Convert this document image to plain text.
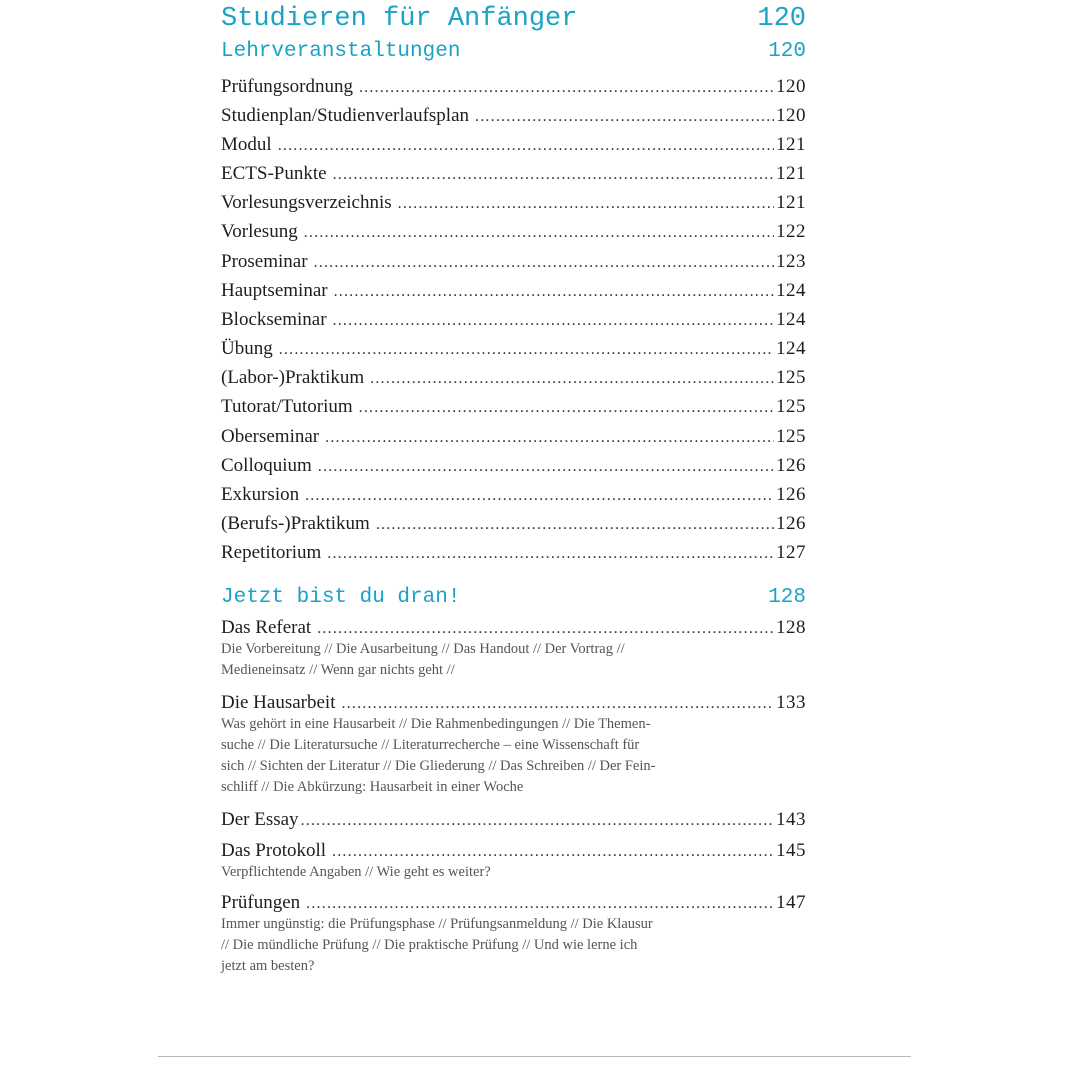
Studieren für Anfänger	120
Lehrveranstaltungen	120
Prüfungsordnung .....	120
Studienplan/Studienverlaufsplan .....	120
Modul .....	121
ECTS-Punkte .....	121
Vorlesungsverzeichnis .....	121
Vorlesung .....	122
Proseminar .....	123
Hauptseminar .....	124
Blockseminar .....	124
Übung .....	124
(Labor-)Praktikum .....	125
Tutorat/Tutorium .....	125
Oberseminar .....	125
Colloquium .....	126
Exkursion .....	126
(Berufs-)Praktikum .....	126
Repetitorium .....	127
Jetzt bist du dran!	128
Das Referat .....	128
Die Vorbereitung // Die Ausarbeitung // Das Handout // Der Vortrag //
Medieneinsatz // Wenn gar nichts geht //
Die Hausarbeit .....	133
Was gehört in eine Hausarbeit // Die Rahmenbedingungen // Die Themen-
suche // Die Literatursuche // Literaturrecherche – eine Wissenschaft für
sich // Sichten der Literatur // Die Gliederung // Das Schreiben // Der Fein-
schliff // Die Abkürzung: Hausarbeit in einer Woche
Der Essay .....	143
Das Protokoll .....	145
Verpflichtende Angaben // Wie geht es weiter?
Prüfungen .....	147
Immer ungünstig: die Prüfungsphase // Prüfungsanmeldung // Die Klausur
// Die mündliche Prüfung // Die praktische Prüfung // Und wie lerne ich
jetzt am besten?
